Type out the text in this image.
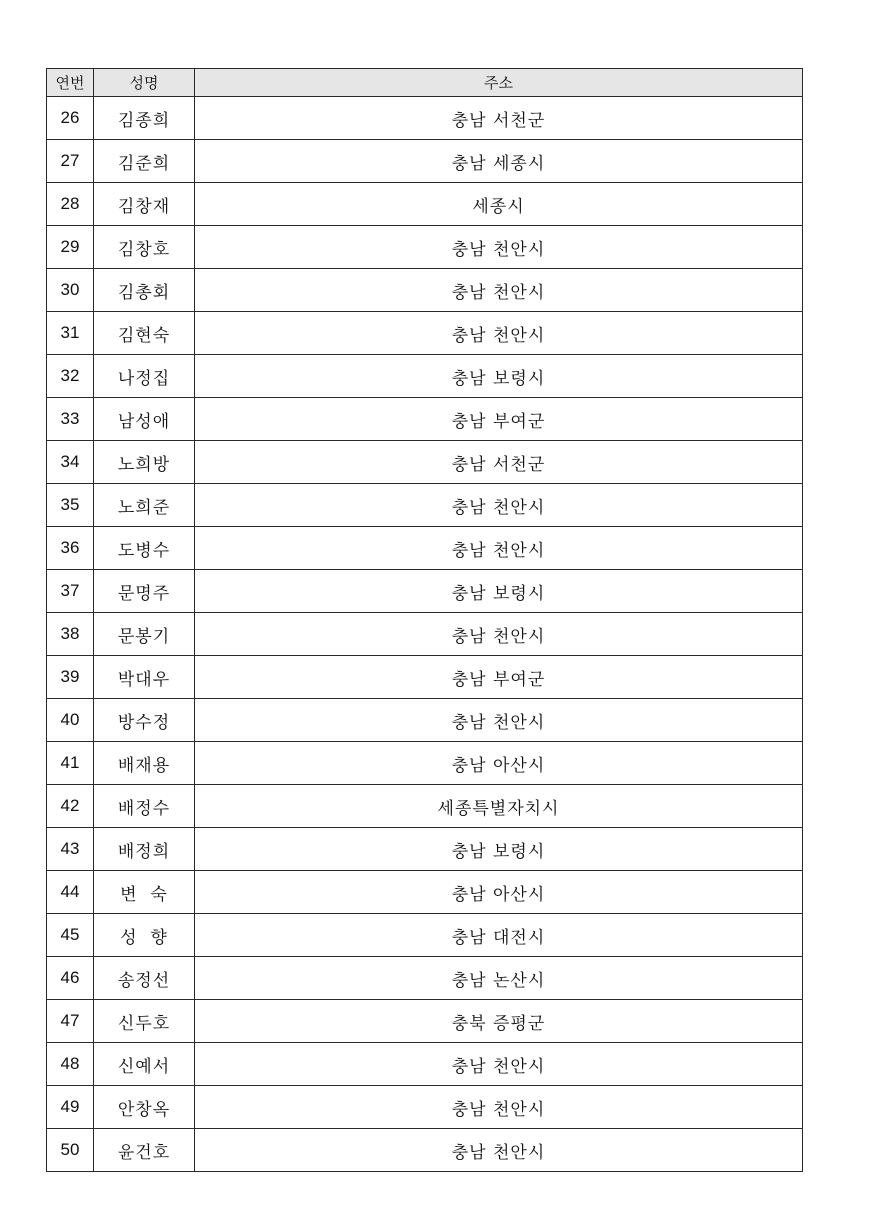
연번	성명	주소
26	김종희	충남 서천군
27	김준희	충남 세종시
28	김창재	세종시
29	김창호	충남 천안시
30	김총회	충남 천안시
31	김현숙	충남 천안시
32	나정집	충남 보령시
33	남성애	충남 부여군
34	노희방	충남 서천군
35	노희준	충남 천안시
36	도병수	충남 천안시
37	문명주	충남 보령시
38	문봉기	충남 천안시
39	박대우	충남 부여군
40	방수정	충남 천안시
41	배재용	충남 아산시
42	배정수	세종특별자치시
43	배정희	충남 보령시
44	변  숙	충남 아산시
45	성  향	충남 대전시
46	송정선	충남 논산시
47	신두호	충북 증평군
48	신예서	충남 천안시
49	안창옥	충남 천안시
50	윤건호	충남 천안시
